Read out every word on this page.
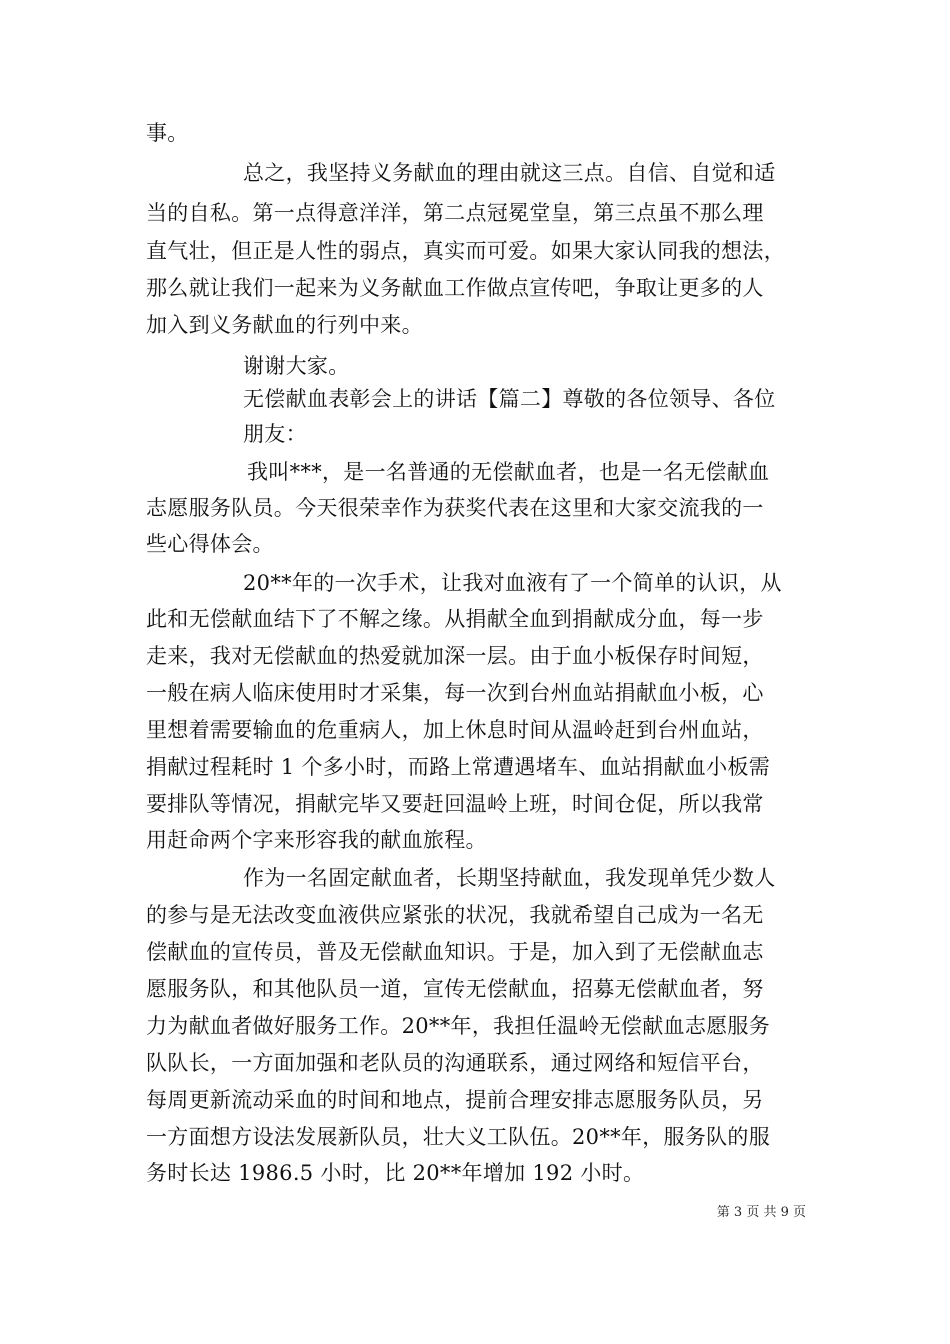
事。
总之，我坚持义务献血的理由就这三点。自信、自觉和适
当的自私。第一点得意洋洋，第二点冠冕堂皇，第三点虽不那么理
直气壮，但正是人性的弱点，真实而可爱。如果大家认同我的想法，
那么就让我们一起来为义务献血工作做点宣传吧，争取让更多的人
加入到义务献血的行列中来。
谢谢大家。
无偿献血表彰会上的讲话【篇二】尊敬的各位领导、各位
朋友：
我叫***，是一名普通的无偿献血者，也是一名无偿献血
志愿服务队员。今天很荣幸作为获奖代表在这里和大家交流我的一
些心得体会。
20**年的一次手术，让我对血液有了一个简单的认识，从
此和无偿献血结下了不解之缘。从捐献全血到捐献成分血，每一步
走来，我对无偿献血的热爱就加深一层。由于血小板保存时间短，
一般在病人临床使用时才采集，每一次到台州血站捐献血小板，心
里想着需要输血的危重病人，加上休息时间从温岭赶到台州血站，
捐献过程耗时 1 个多小时，而路上常遭遇堵车、血站捐献血小板需
要排队等情况，捐献完毕又要赶回温岭上班，时间仓促，所以我常
用赶命两个字来形容我的献血旅程。
作为一名固定献血者，长期坚持献血，我发现单凭少数人
的参与是无法改变血液供应紧张的状况，我就希望自己成为一名无
偿献血的宣传员，普及无偿献血知识。于是，加入到了无偿献血志
愿服务队，和其他队员一道，宣传无偿献血，招募无偿献血者，努
力为献血者做好服务工作。20**年，我担任温岭无偿献血志愿服务
队队长，一方面加强和老队员的沟通联系，通过网络和短信平台，
每周更新流动采血的时间和地点，提前合理安排志愿服务队员，另
一方面想方设法发展新队员，壮大义工队伍。20**年，服务队的服
务时长达 1986.5 小时，比 20**年增加 192 小时。
第 3 页 共 9 页
